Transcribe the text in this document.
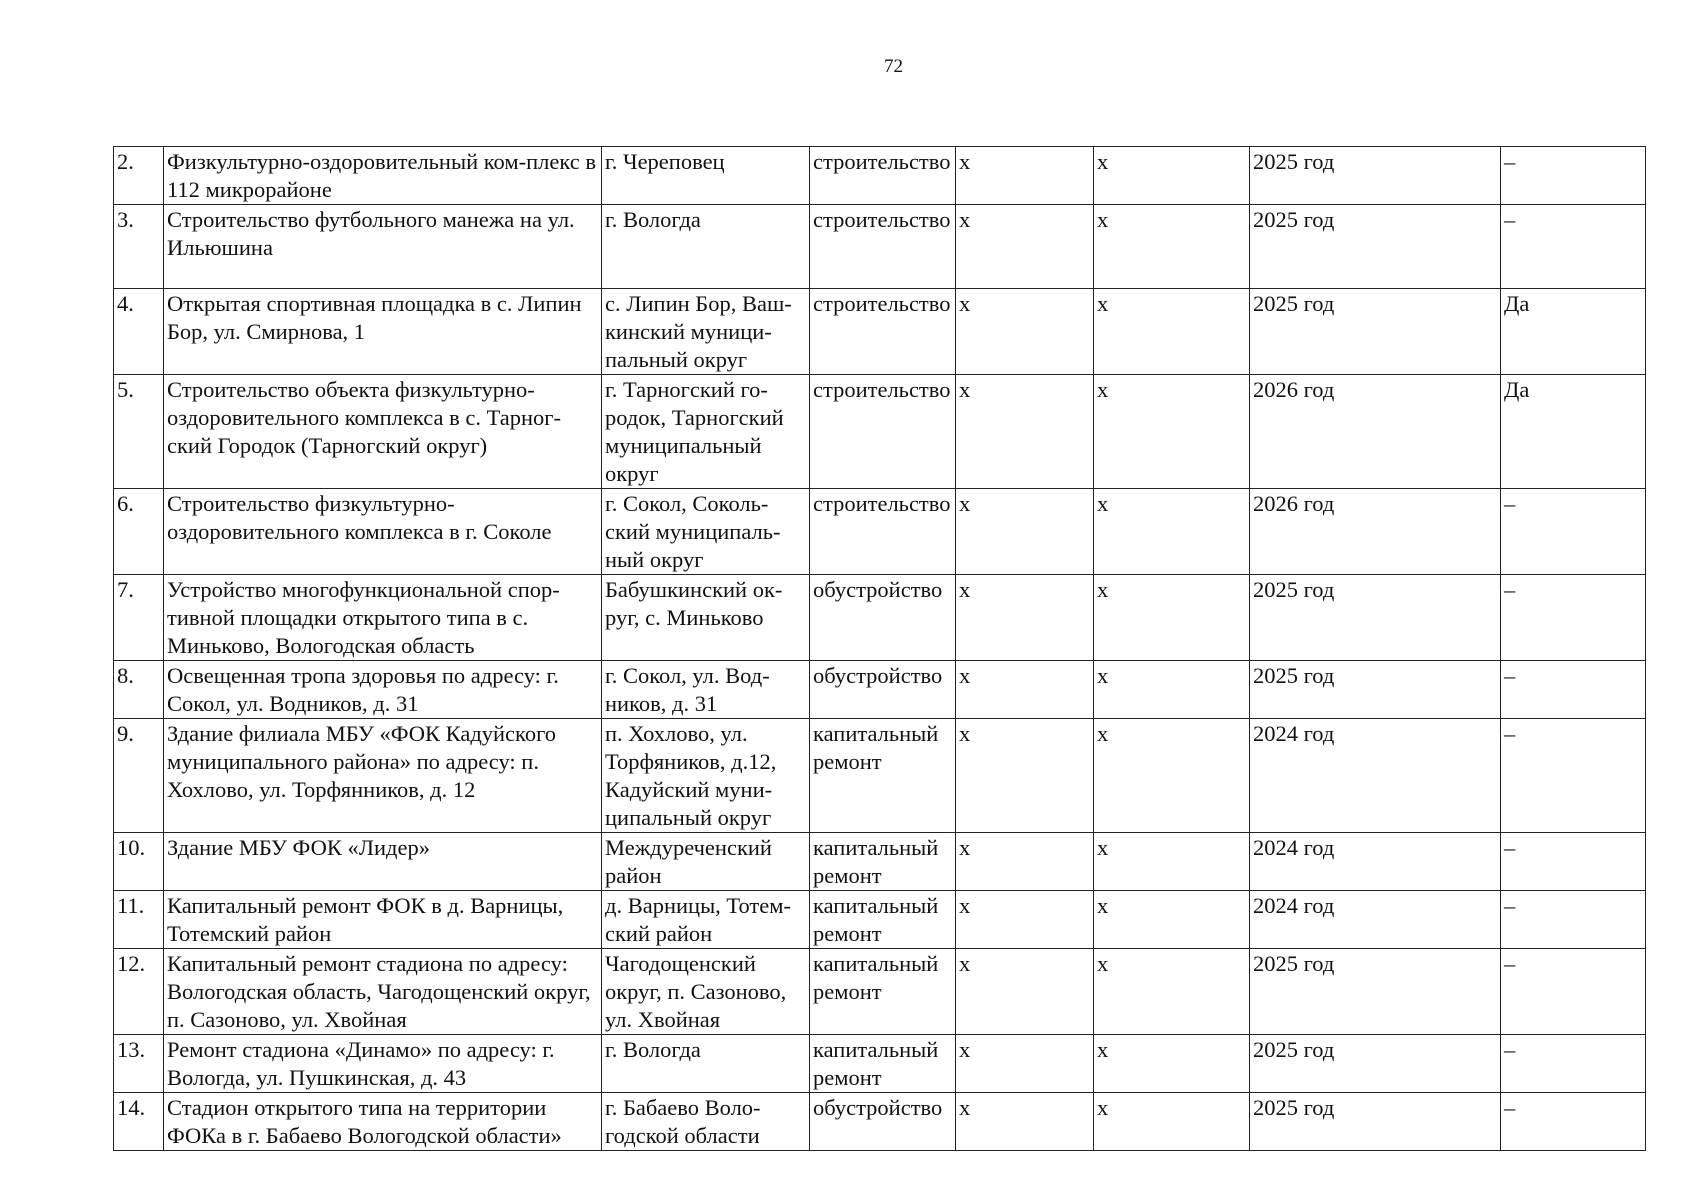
72
2.	Физкультурно-оздоровительный ком-плекс в 112 микрорайоне	г. Череповец	строительство	х	х	2025 год	–
3.	Строительство футбольного манежа на ул. Ильюшина	г. Вологда	строительство	х	х	2025 год	–
4.	Открытая спортивная площадка в с. Липин Бор, ул. Смирнова, 1	с. Липин Бор, Ваш-кинский муници-пальный округ	строительство	х	х	2025 год	Да
5.	Строительство объекта физкультурно-оздоровительного комплекса в с. Тарног-ский Городок (Тарногский округ)	г. Тарногский го-родок, Тарногский муниципальный округ	строительство	х	х	2026 год	Да
6.	Строительство физкультурно-оздоровительного комплекса в г. Соколе	г. Сокол, Соколь-ский муниципаль-ный округ	строительство	х	х	2026 год	–
7.	Устройство многофункциональной спор-тивной площадки открытого типа в с. Миньково, Вологодская область	Бабушкинский ок-руг, с. Миньково	обустройство	х	х	2025 год	–
8.	Освещенная тропа здоровья по адресу: г. Сокол, ул. Водников, д. 31	г. Сокол, ул. Вод-ников, д. 31	обустройство	х	х	2025 год	–
9.	Здание филиала МБУ «ФОК Кадуйского муниципального района» по адресу: п. Хохлово, ул. Торфянников, д. 12	п. Хохлово, ул. Торфяников, д.12, Кадуйский муни-ципальный округ	капитальный ремонт	х	х	2024 год	–
10.	Здание МБУ ФОК «Лидер»	Междуреченский район	капитальный ремонт	х	х	2024 год	–
11.	Капитальный ремонт ФОК в д. Варницы, Тотемский район	д. Варницы, Тотем-ский район	капитальный ремонт	х	х	2024 год	–
12.	Капитальный ремонт стадиона по адресу: Вологодская область, Чагодощенский округ, п. Сазоново, ул. Хвойная	Чагодощенский округ, п. Сазоново, ул. Хвойная	капитальный ремонт	х	х	2025 год	–
13.	Ремонт стадиона «Динамо» по адресу: г. Вологда, ул. Пушкинская, д. 43	г. Вологда	капитальный ремонт	х	х	2025 год	–
14.	Стадион открытого типа на территории ФОКа в г. Бабаево Вологодской области»	г. Бабаево Воло-годской области	обустройство	х	х	2025 год	–
